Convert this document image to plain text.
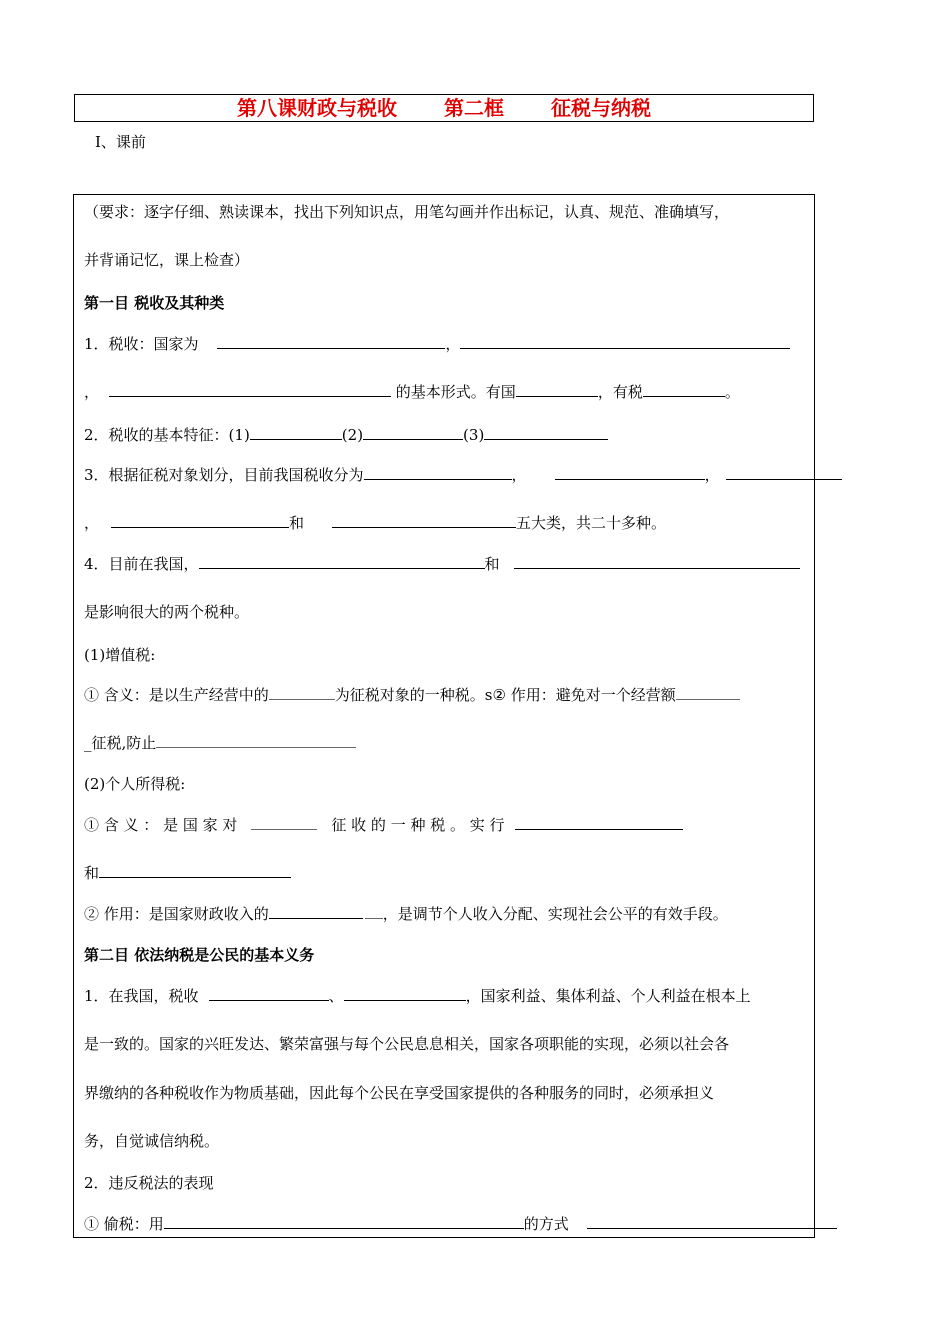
第八课财政与税收 第二框 征税与纳税
Ⅰ、课前
（要求：逐字仔细、熟读课本，找出下列知识点，用笔勾画并作出标记，认真、规范、准确填写，
并背诵记忆，课上检查）
第一目 税收及其种类
1．税收：国家为	，
，	的基本形式。有国	，有税	。
2．税收的基本特征：(1)	(2)	(3)
3．根据征税对象划分，目前我国税收分为	，	，
，	和	五大类，共二十多种。
4．目前在我国，	和
是影响很大的两个税种。
(1)增值税:
① 含义：是以生产经营中的	为征税对象的一种税。s② 作用：避免对一个经营额
_征税,防止
(2)个人所得税:
① 含 义 ： 是 国 家 对	征 收 的 一 种 税 。 实 行
和
② 作用：是国家财政收入的	，是调节个人收入分配、实现社会公平的有效手段。
第二目 依法纳税是公民的基本义务
1．在我国，税收	、	，国家利益、集体利益、个人利益在根本上
是一致的。国家的兴旺发达、繁荣富强与每个公民息息相关，国家各项职能的实现，必须以社会各
界缴纳的各种税收作为物质基础，因此每个公民在享受国家提供的各种服务的同时，必须承担义
务，自觉诚信纳税。
2．违反税法的表现
① 偷税：用	的方式
